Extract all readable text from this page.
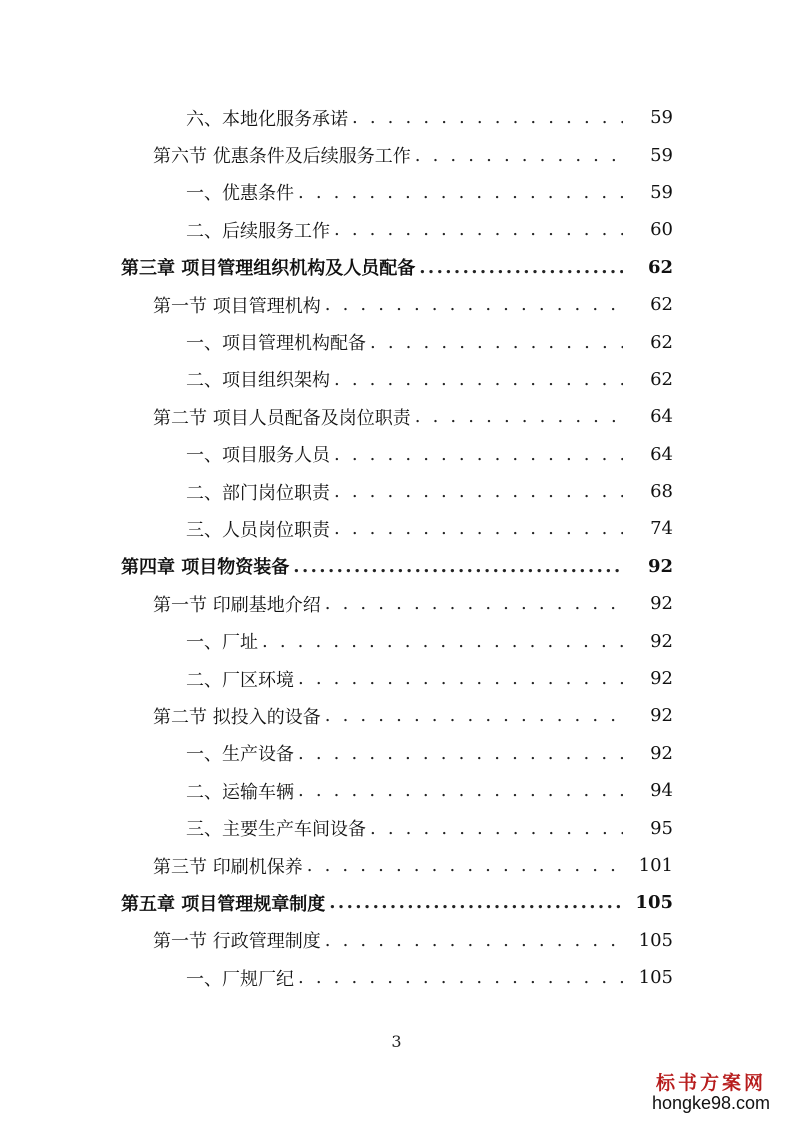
六、本地化服务承诺 . . .	59
第六节 优惠条件及后续服务工作 . . .	59
一、优惠条件 . . .	59
二、后续服务工作 . . .	60
第三章 项目管理组织机构及人员配备 .....	62
第一节 项目管理机构 . . .	62
一、项目管理机构配备 . . .	62
二、项目组织架构 . . .	62
第二节 项目人员配备及岗位职责 . . .	64
一、项目服务人员 . . .	64
二、部门岗位职责 . . .	68
三、人员岗位职责 . . .	74
第四章 项目物资装备 .....	92
第一节 印刷基地介绍 . . .	92
一、厂址 . . .	92
二、厂区环境 . . .	92
第二节 拟投入的设备 . . .	92
一、生产设备 . . .	92
二、运输车辆 . . .	94
三、主要生产车间设备 . . .	95
第三节 印刷机保养 . . .	101
第五章 项目管理规章制度 .....	105
第一节 行政管理制度 . . .	105
一、厂规厂纪 . . .	105
3
标书方案网
hongke98.com
